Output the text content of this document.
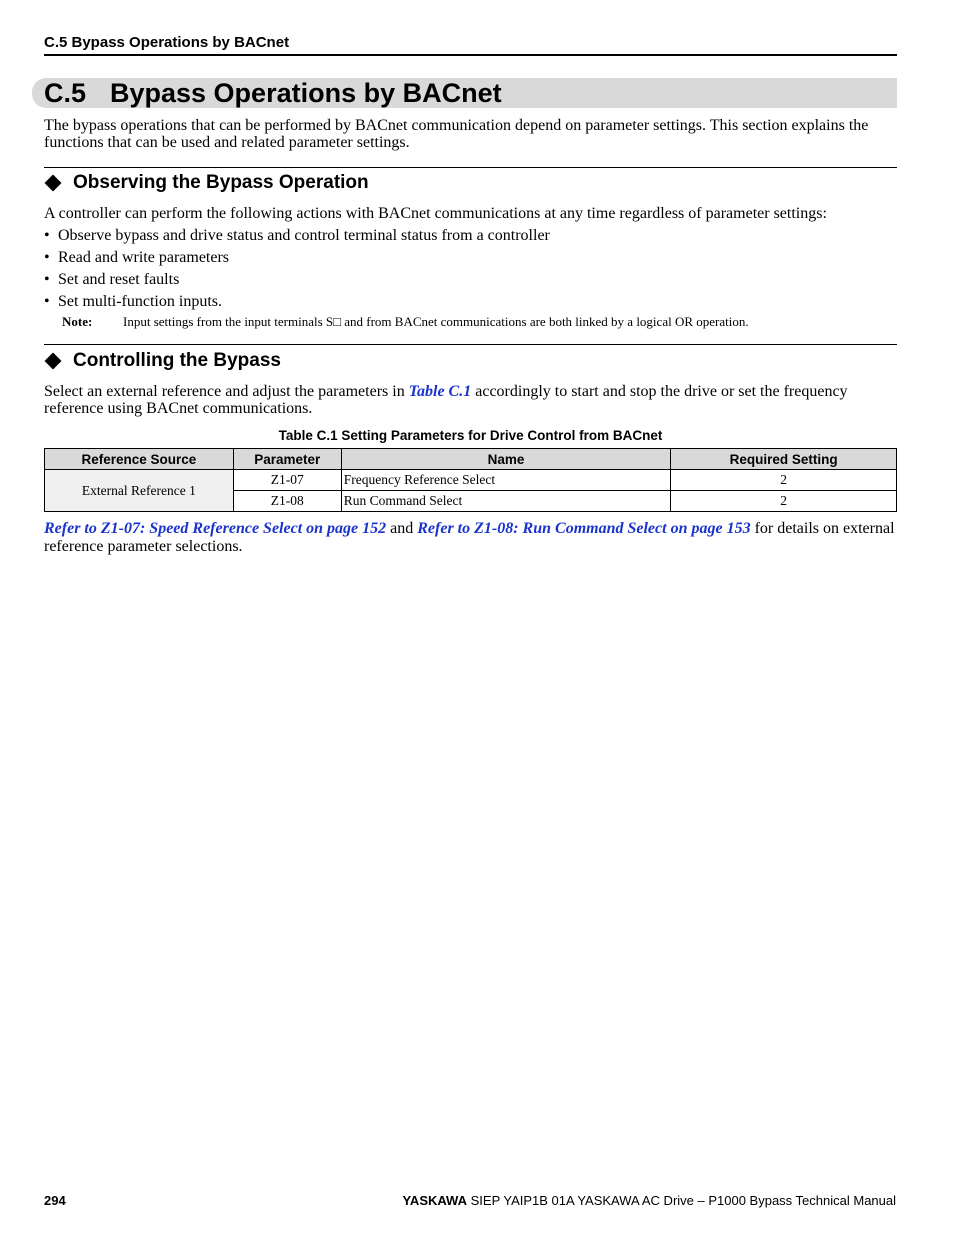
C.5 Bypass Operations by BACnet
C.5 Bypass Operations by BACnet
The bypass operations that can be performed by BACnet communication depend on parameter settings. This section explains the functions that can be used and related parameter settings.
Observing the Bypass Operation
A controller can perform the following actions with BACnet communications at any time regardless of parameter settings:
• Observe bypass and drive status and control terminal status from a controller
• Read and write parameters
• Set and reset faults
• Set multi-function inputs.
Note: Input settings from the input terminals S□ and from BACnet communications are both linked by a logical OR operation.
Controlling the Bypass
Select an external reference and adjust the parameters in Table C.1 accordingly to start and stop the drive or set the frequency reference using BACnet communications.
Table C.1 Setting Parameters for Drive Control from BACnet
Reference Source	Parameter	Name	Required Setting
External Reference 1	Z1-07	Frequency Reference Select	2
	Z1-08	Run Command Select	2
Refer to Z1-07: Speed Reference Select on page 152 and Refer to Z1-08: Run Command Select on page 153 for details on external reference parameter selections.
294	YASKAWA SIEP YAIP1B 01A YASKAWA AC Drive – P1000 Bypass Technical Manual
